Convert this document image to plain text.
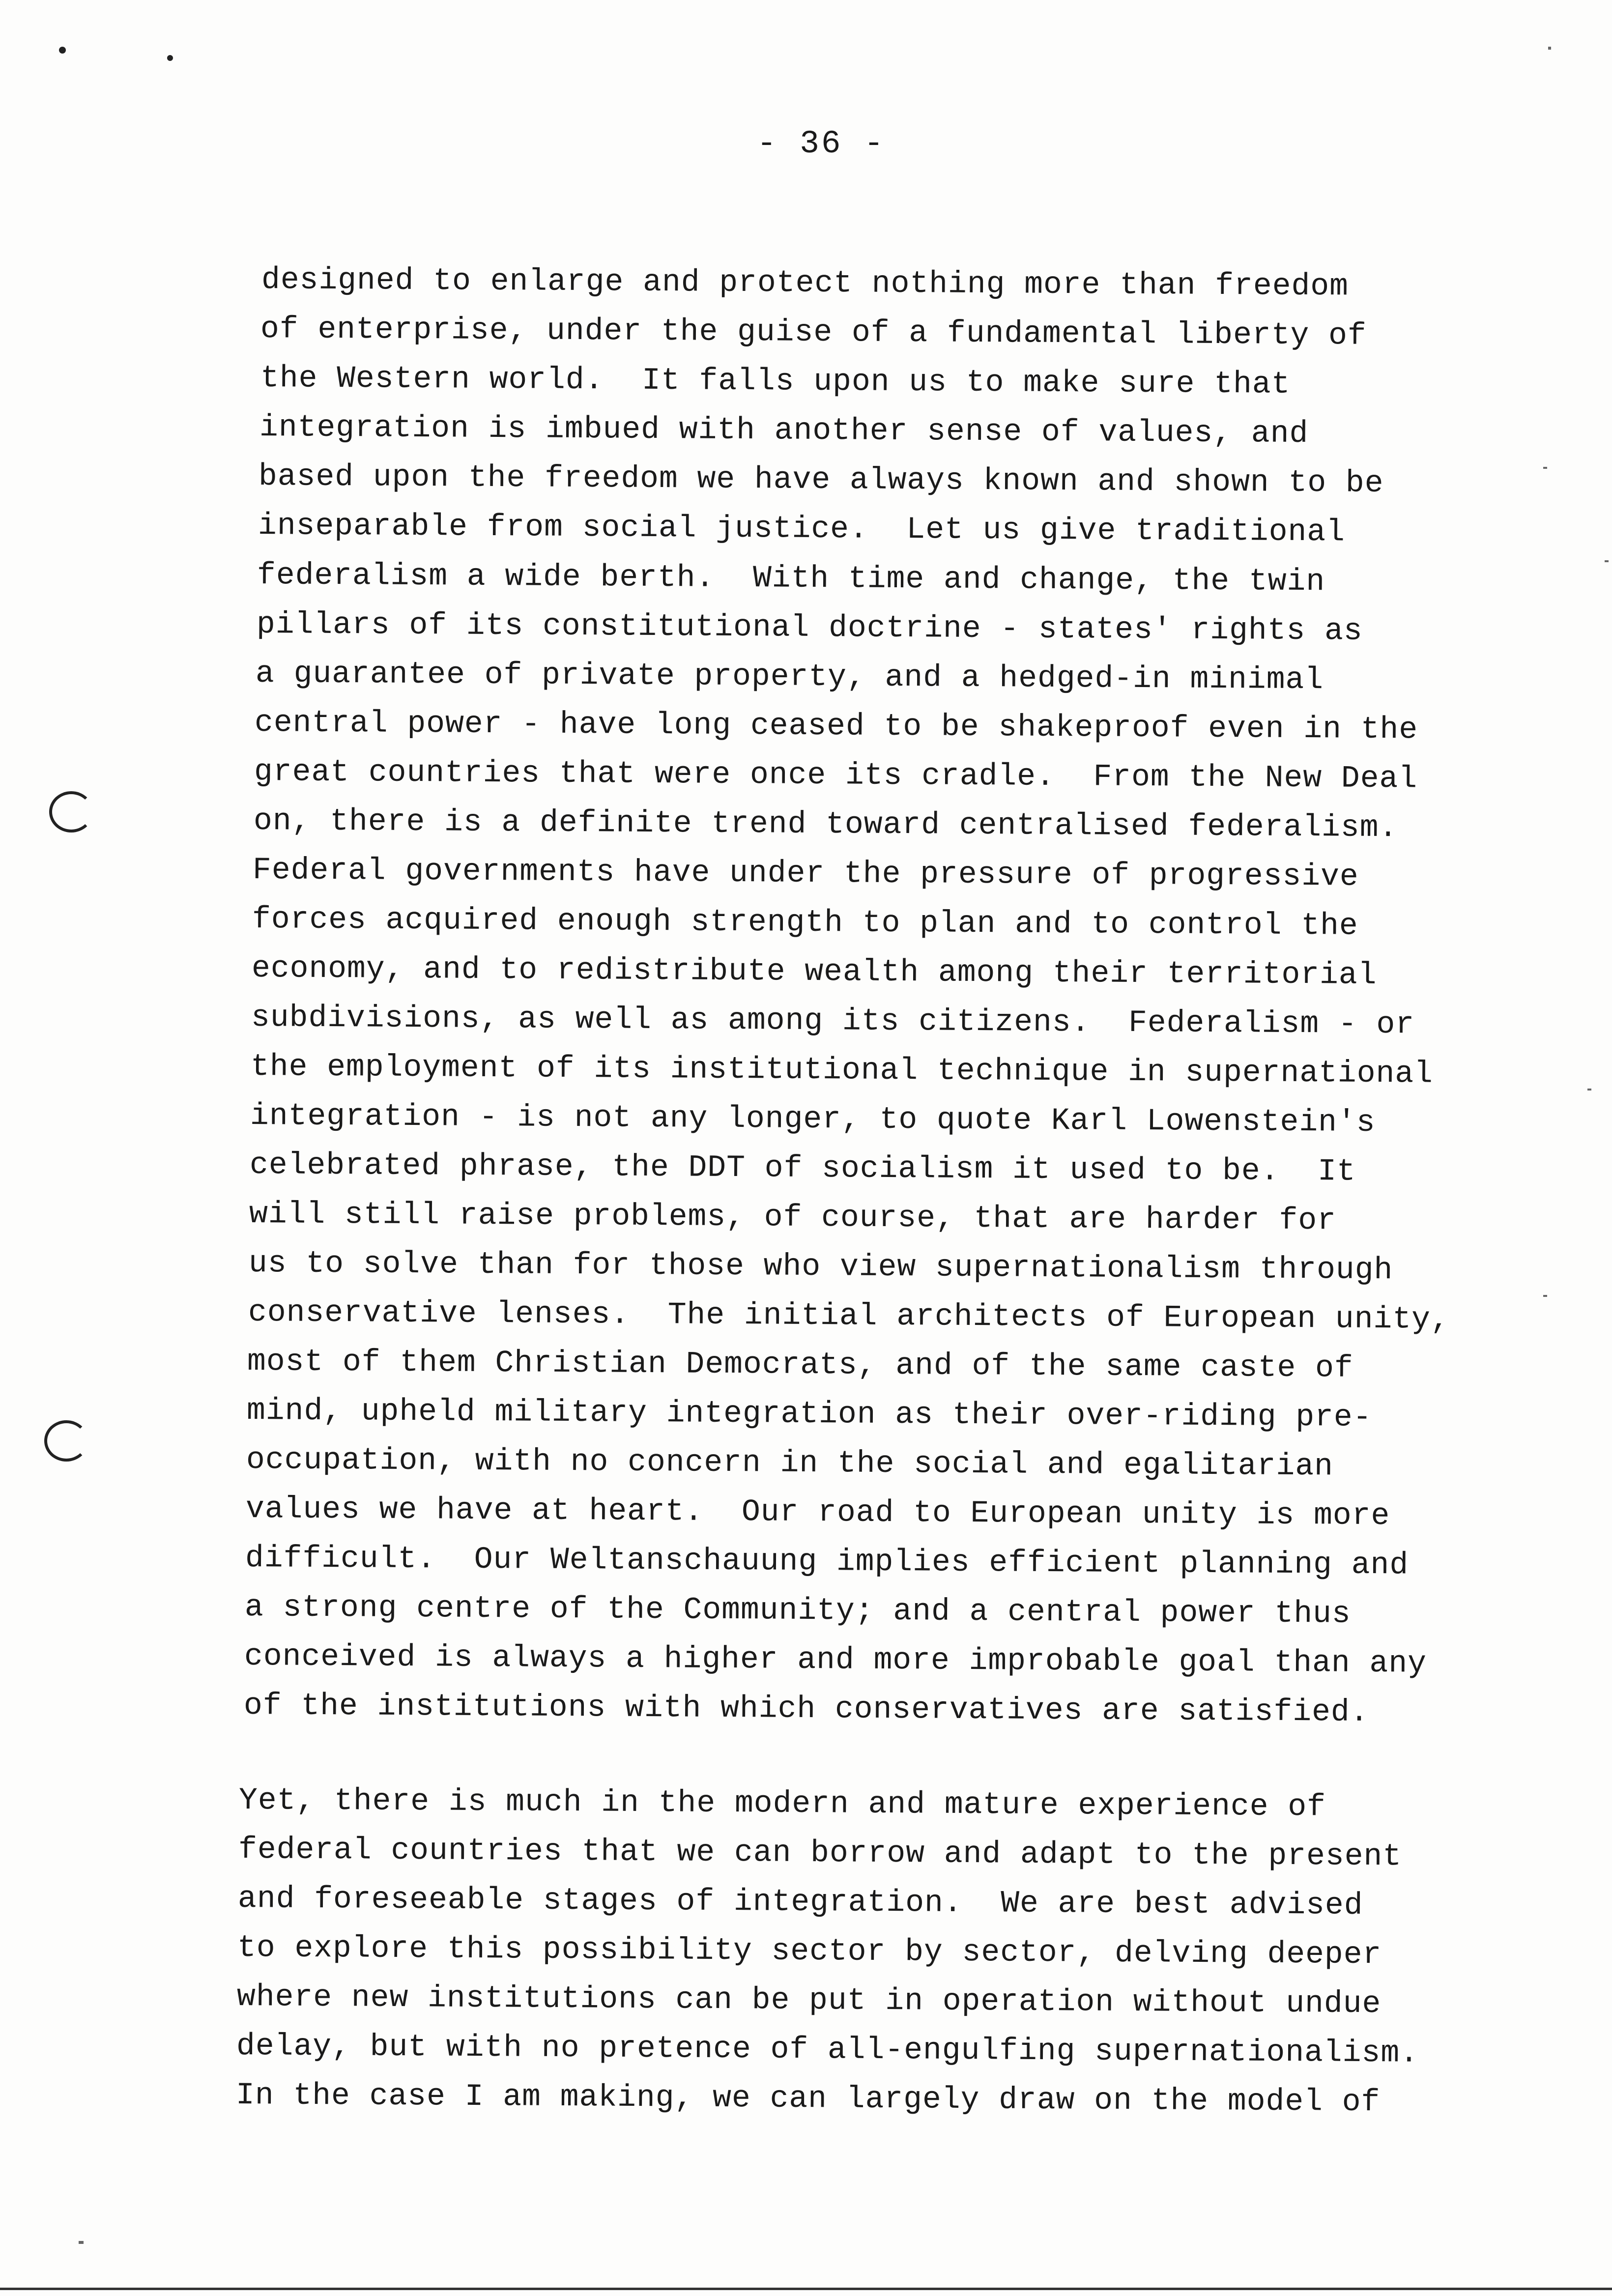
- 36 -
designed to enlarge and protect nothing more than freedom
of enterprise, under the guise of a fundamental liberty of
the Western world.  It falls upon us to make sure that
integration is imbued with another sense of values, and
based upon the freedom we have always known and shown to be
inseparable from social justice.  Let us give traditional
federalism a wide berth.  With time and change, the twin
pillars of its constitutional doctrine - states' rights as
a guarantee of private property, and a hedged-in minimal
central power - have long ceased to be shakeproof even in the
great countries that were once its cradle.  From the New Deal
on, there is a definite trend toward centralised federalism.
Federal governments have under the pressure of progressive
forces acquired enough strength to plan and to control the
economy, and to redistribute wealth among their territorial
subdivisions, as well as among its citizens.  Federalism - or
the employment of its institutional technique in supernational
integration - is not any longer, to quote Karl Lowenstein's
celebrated phrase, the DDT of socialism it used to be.  It
will still raise problems, of course, that are harder for
us to solve than for those who view supernationalism through
conservative lenses.  The initial architects of European unity,
most of them Christian Democrats, and of the same caste of
mind, upheld military integration as their over-riding pre-
occupation, with no concern in the social and egalitarian
values we have at heart.  Our road to European unity is more
difficult.  Our Weltanschauung implies efficient planning and
a strong centre of the Community; and a central power thus
conceived is always a higher and more improbable goal than any
of the institutions with which conservatives are satisfied.
Yet, there is much in the modern and mature experience of
federal countries that we can borrow and adapt to the present
and foreseeable stages of integration.  We are best advised
to explore this possibility sector by sector, delving deeper
where new institutions can be put in operation without undue
delay, but with no pretence of all-engulfing supernationalism.
In the case I am making, we can largely draw on the model of
